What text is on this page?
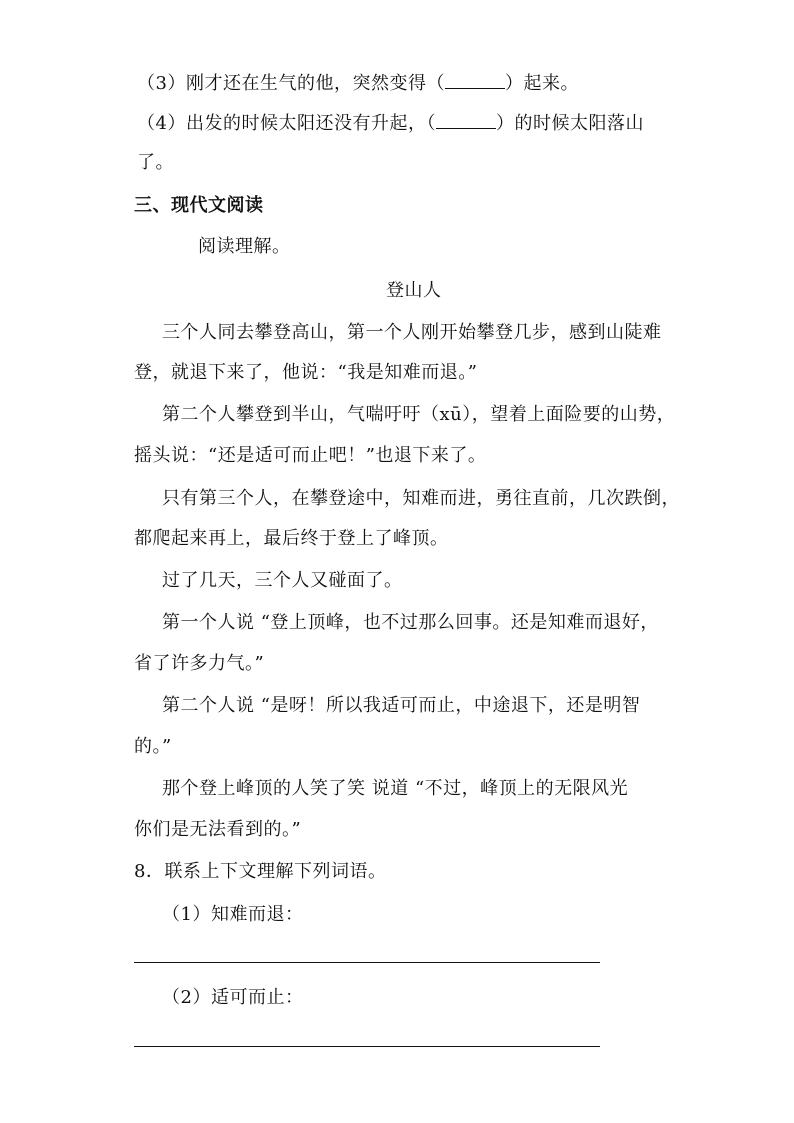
（3）刚才还在生气的他，突然变得（	）起来。
（4）出发的时候太阳还没有升起，（	）的时候太阳落山
了。
三、现代文阅读
阅读理解。
登山人
三个人同去攀登高山，第一个人刚开始攀登几步，感到山陡难
登，就退下来了，他说：“我是知难而退。”
第二个人攀登到半山，气喘吁吁（xū），望着上面险要的山势，
摇头说：“还是适可而止吧！”也退下来了。
只有第三个人，在攀登途中，知难而进，勇往直前，几次跌倒，
都爬起来再上，最后终于登上了峰顶。
过了几天，三个人又碰面了。
第一个人说 “登上顶峰，也不过那么回事。还是知难而退好，
省了许多力气。”
第二个人说 “是呀！所以我适可而止，中途退下，还是明智
的。”
那个登上峰顶的人笑了笑 说道 “不过，峰顶上的无限风光
你们是无法看到的。”
8．联系上下文理解下列词语。
（1）知难而退：
（2）适可而止：
